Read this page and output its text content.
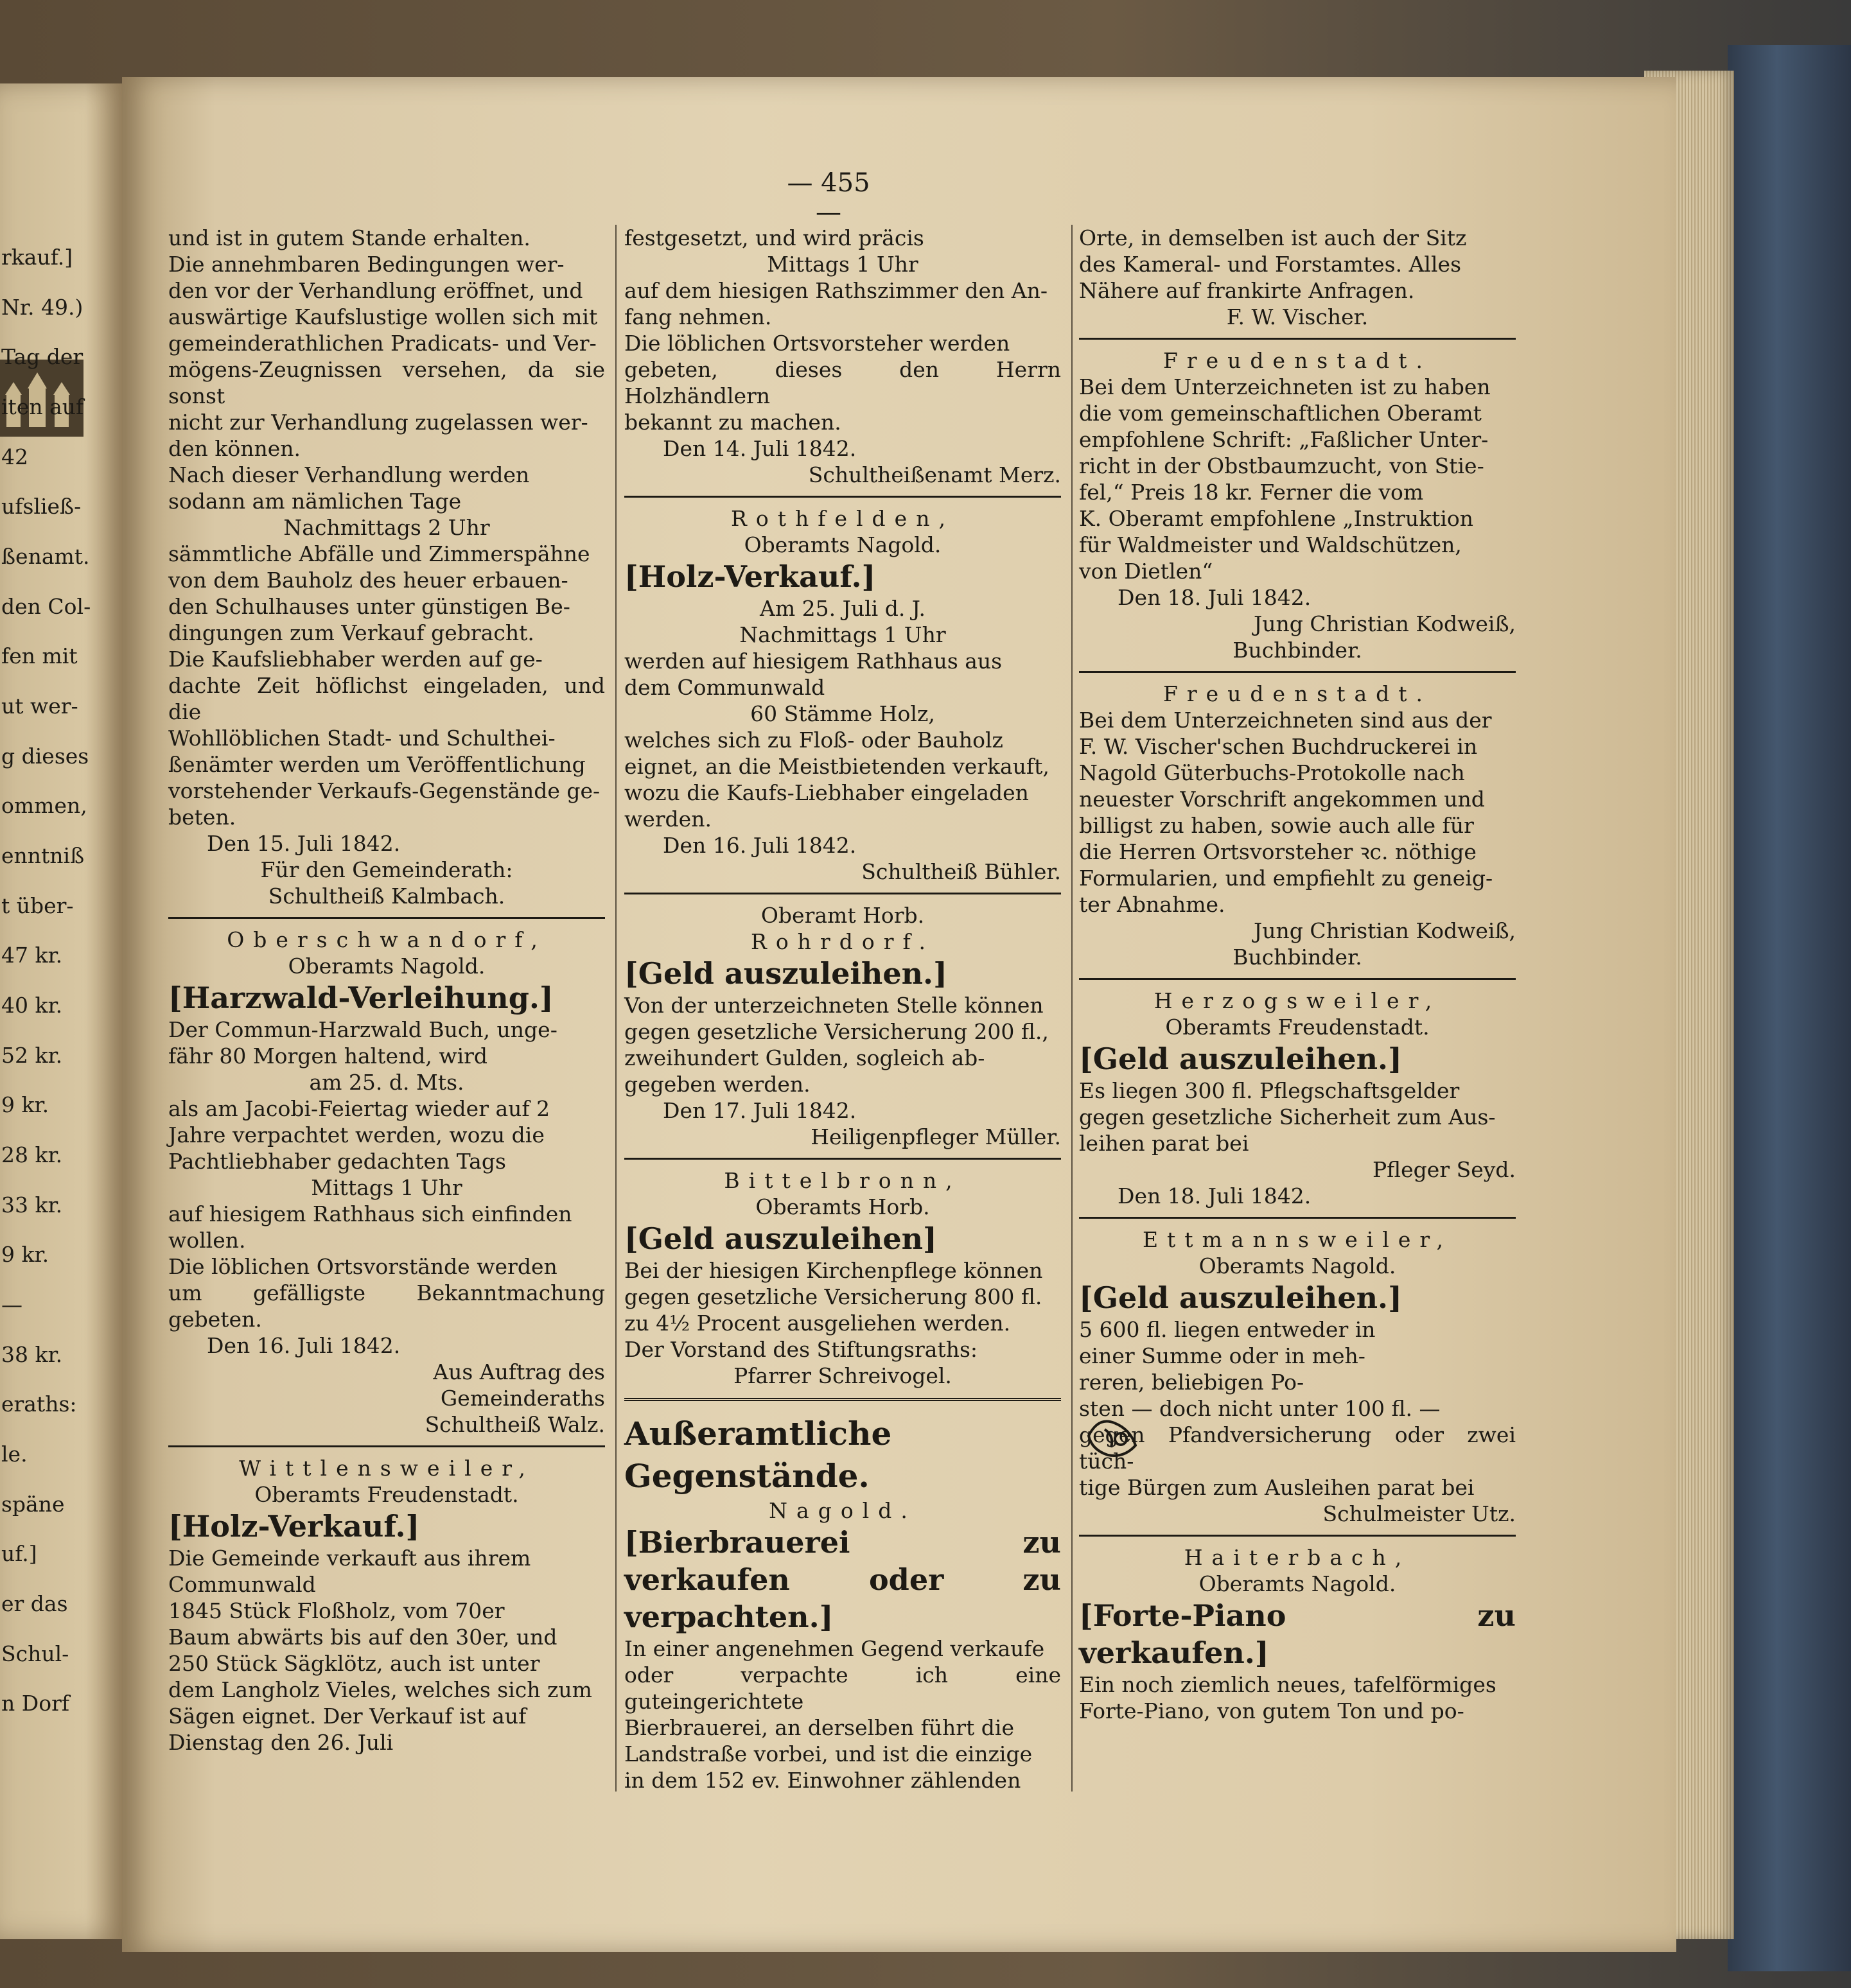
rkauf.]
Nr. 49.)
Tag der
iten auf
42
ufsließ-
ßenamt.
den Col-
fen mit
ut wer-
g dieses
ommen,
enntniß
t über-
47 kr.
40 kr.
52 kr.
9 kr.
28 kr.
33 kr.
9 kr.
—
38 kr.
eraths:
le.
späne
uf.]
er das
Schul-
n Dorf
— 455 —

und ist in gutem Stande erhalten.

Die annehmbaren Bedingungen wer-

den vor der Verhandlung eröffnet, und

auswärtige Kaufslustige wollen sich mit

gemeinderathlichen Pradicats- und Ver-

mögens-Zeugnissen versehen, da sie sonst

nicht zur Verhandlung zugelassen wer-

den können.

Nach dieser Verhandlung werden

sodann am nämlichen Tage

Nachmittags 2 Uhr

sämmtliche Abfälle und Zimmerspähne

von dem Bauholz des heuer erbauen-

den Schulhauses unter günstigen Be-

dingungen zum Verkauf gebracht.

Die Kaufsliebhaber werden auf ge-

dachte Zeit höflichst eingeladen, und die

Wohllöblichen Stadt- und Schulthei-

ßenämter werden um Veröffentlichung

vorstehender Verkaufs-Gegenstände ge-

beten.

Den 15. Juli 1842.

Für den Gemeinderath:

Schultheiß Kalmbach.

Oberschwandorf,

Oberamts Nagold.

[Harzwald-Verleihung.]

Der Commun-Harzwald Buch, unge-

fähr 80 Morgen haltend, wird

am 25. d. Mts.

als am Jacobi-Feiertag wieder auf 2

Jahre verpachtet werden, wozu die

Pachtliebhaber gedachten Tags

Mittags 1 Uhr

auf hiesigem Rathhaus sich einfinden

wollen.

Die löblichen Ortsvorstände werden

um gefälligste Bekanntmachung gebeten.

Den 16. Juli 1842.

Aus Auftrag des

Gemeinderaths

Schultheiß Walz.

Wittlensweiler,

Oberamts Freudenstadt.

[Holz-Verkauf.]

Die Gemeinde verkauft aus ihrem

Communwald

1845 Stück Floßholz, vom 70er

Baum abwärts bis auf den 30er, und

250 Stück Sägklötz, auch ist unter

dem Langholz Vieles, welches sich zum

Sägen eignet. Der Verkauf ist auf

Dienstag den 26. Juli

festgesetzt, und wird präcis

Mittags 1 Uhr

auf dem hiesigen Rathszimmer den An-

fang nehmen.

Die löblichen Ortsvorsteher werden

gebeten, dieses den Herrn Holzhändlern

bekannt zu machen.

Den 14. Juli 1842.

Schultheißenamt Merz.

Rothfelden,

Oberamts Nagold.

[Holz-Verkauf.]

Am 25. Juli d. J.

Nachmittags 1 Uhr

werden auf hiesigem Rathhaus aus

dem Communwald

60 Stämme Holz,

welches sich zu Floß- oder Bauholz

eignet, an die Meistbietenden verkauft,

wozu die Kaufs-Liebhaber eingeladen

werden.

Den 16. Juli 1842.

Schultheiß Bühler.

Oberamt Horb.

Rohrdorf.

[Geld auszuleihen.]

Von der unterzeichneten Stelle können

gegen gesetzliche Versicherung 200 fl.,

zweihundert Gulden, sogleich ab-

gegeben werden.

Den 17. Juli 1842.

Heiligenpfleger Müller.

Bittelbronn,

Oberamts Horb.

[Geld auszuleihen]

Bei der hiesigen Kirchenpflege können

gegen gesetzliche Versicherung 800 fl.

zu 4½ Procent ausgeliehen werden.

Der Vorstand des Stiftungsraths:

Pfarrer Schreivogel.

Außeramtliche Gegenstände.

Nagold.

[Bierbrauerei zu verkaufen oder zu verpachten.]

In einer angenehmen Gegend verkaufe

oder verpachte ich eine guteingerichtete

Bierbrauerei, an derselben führt die

Landstraße vorbei, und ist die einzige

in dem 152 ev. Einwohner zählenden

Orte, in demselben ist auch der Sitz

des Kameral- und Forstamtes. Alles

Nähere auf frankirte Anfragen.

F. W. Vischer.

Freudenstadt.

Bei dem Unterzeichneten ist zu haben

die vom gemeinschaftlichen Oberamt

empfohlene Schrift: „Faßlicher Unter-

richt in der Obstbaumzucht, von Stie-

fel,“ Preis 18 kr. Ferner die vom

K. Oberamt empfohlene „Instruktion

für Waldmeister und Waldschützen,

von Dietlen“

Den 18. Juli 1842.

Jung Christian Kodweiß,

Buchbinder.

Freudenstadt.

Bei dem Unterzeichneten sind aus der

F. W. Vischer'schen Buchdruckerei in

Nagold Güterbuchs-Protokolle nach

neuester Vorschrift angekommen und

billigst zu haben, sowie auch alle für

die Herren Ortsvorsteher ꝛc. nöthige

Formularien, und empfiehlt zu geneig-

ter Abnahme.

Jung Christian Kodweiß,

Buchbinder.

Herzogsweiler,

Oberamts Freudenstadt.

[Geld auszuleihen.]

Es liegen 300 fl. Pflegschaftsgelder

gegen gesetzliche Sicherheit zum Aus-

leihen parat bei

Pfleger Seyd.

Den 18. Juli 1842.

Ettmannsweiler,

Oberamts Nagold.

[Geld auszuleihen.]

5 600 fl. liegen entweder in

einer Summe oder in meh-

reren, beliebigen Po-

sten — doch nicht unter 100 fl. —

gegen Pfandversicherung oder zwei tüch-

tige Bürgen zum Ausleihen parat bei

Schulmeister Utz.

Haiterbach,

Oberamts Nagold.

[Forte-Piano zu verkaufen.]

Ein noch ziemlich neues, tafelförmiges

Forte-Piano, von gutem Ton und po-
